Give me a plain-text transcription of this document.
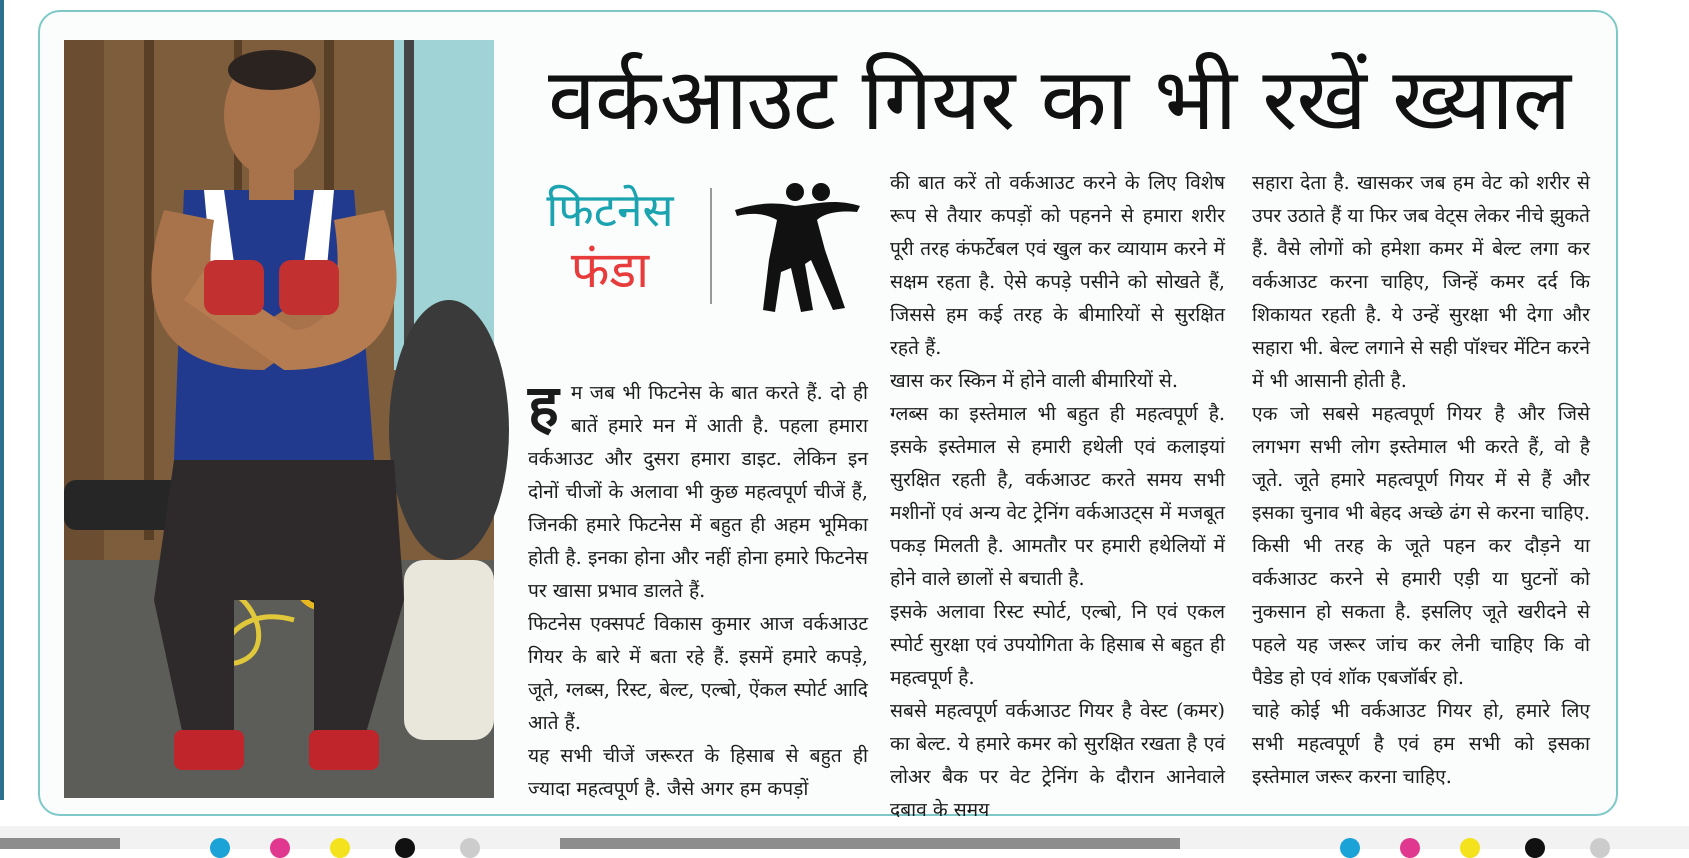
वर्कआउट गियर का भी रखें ख्याल
फिटनेस
फंडा
ह म जब भी फिटनेस के बात करते हैं. दो ही बातें हमारे मन में आती है. पहला हमारा वर्कआउट और दुसरा हमारा डाइट. लेकिन इन दोनों चीजों के अलावा भी कुछ महत्वपूर्ण चीजें हैं, जिनकी हमारे फिटनेस में बहुत ही अहम भूमिका होती है. इनका होना और नहीं होना हमारे फिटनेस पर खासा प्रभाव डालते हैं.

फिटनेस एक्सपर्ट विकास कुमार आज वर्कआउट गियर के बारे में बता रहे हैं. इसमें हमारे कपड़े, जूते, ग्लब्स, रिस्ट, बेल्ट, एल्बो, ऐंकल स्पोर्ट आदि आते हैं.

यह सभी चीजें जरूरत के हिसाब से बहुत ही ज्यादा महत्वपूर्ण है. जैसे अगर हम कपड़ों

की बात करें तो वर्कआउट करने के लिए विशेष रूप से तैयार कपड़ों को पहनने से हमारा शरीर पूरी तरह कंफर्टेबल एवं खुल कर व्यायाम करने में सक्षम रहता है. ऐसे कपड़े पसीने को सोखते हैं, जिससे हम कई तरह के बीमारियों से सुरक्षित रहते हैं.

खास कर स्किन में होने वाली बीमारियों से.

ग्लब्स का इस्तेमाल भी बहुत ही महत्वपूर्ण है. इसके इस्तेमाल से हमारी हथेली एवं कलाइयां सुरक्षित रहती है, वर्कआउट करते समय सभी मशीनों एवं अन्य वेट ट्रेनिंग वर्कआउट्स में मजबूत पकड़ मिलती है. आमतौर पर हमारी हथेलियों में होने वाले छालों से बचाती है.

इसके अलावा रिस्ट स्पोर्ट, एल्बो, नि एवं एकल स्पोर्ट सुरक्षा एवं उपयोगिता के हिसाब से बहुत ही महत्वपूर्ण है.

सबसे महत्वपूर्ण वर्कआउट गियर है वेस्ट (कमर) का बेल्ट. ये हमारे कमर को सुरक्षित रखता है एवं लोअर बैक पर वेट ट्रेनिंग के दौरान आनेवाले दबाव के समय

सहारा देता है. खासकर जब हम वेट को शरीर से उपर उठाते हैं या फिर जब वेट्स लेकर नीचे झुकते हैं. वैसे लोगों को हमेशा कमर में बेल्ट लगा कर वर्कआउट करना चाहिए, जिन्हें कमर दर्द कि शिकायत रहती है. ये उन्हें सुरक्षा भी देगा और सहारा भी. बेल्ट लगाने से सही पॉश्चर मेंटिन करने में भी आसानी होती है.

एक जो सबसे महत्वपूर्ण गियर है और जिसे लगभग सभी लोग इस्तेमाल भी करते हैं, वो है जूते. जूते हमारे महत्वपूर्ण गियर में से हैं और इसका चुनाव भी बेहद अच्छे ढंग से करना चाहिए. किसी भी तरह के जूते पहन कर दौड़ने या वर्कआउट करने से हमारी एड़ी या घुटनों को नुकसान हो सकता है. इसलिए जूते खरीदने से पहले यह जरूर जांच कर लेनी चाहिए कि वो पैडेड हो एवं शॉक एबजॉर्बर हो.

चाहे कोई भी वर्कआउट गियर हो, हमारे लिए सभी महत्वपूर्ण है एवं हम सभी को इसका इस्तेमाल जरूर करना चाहिए.
